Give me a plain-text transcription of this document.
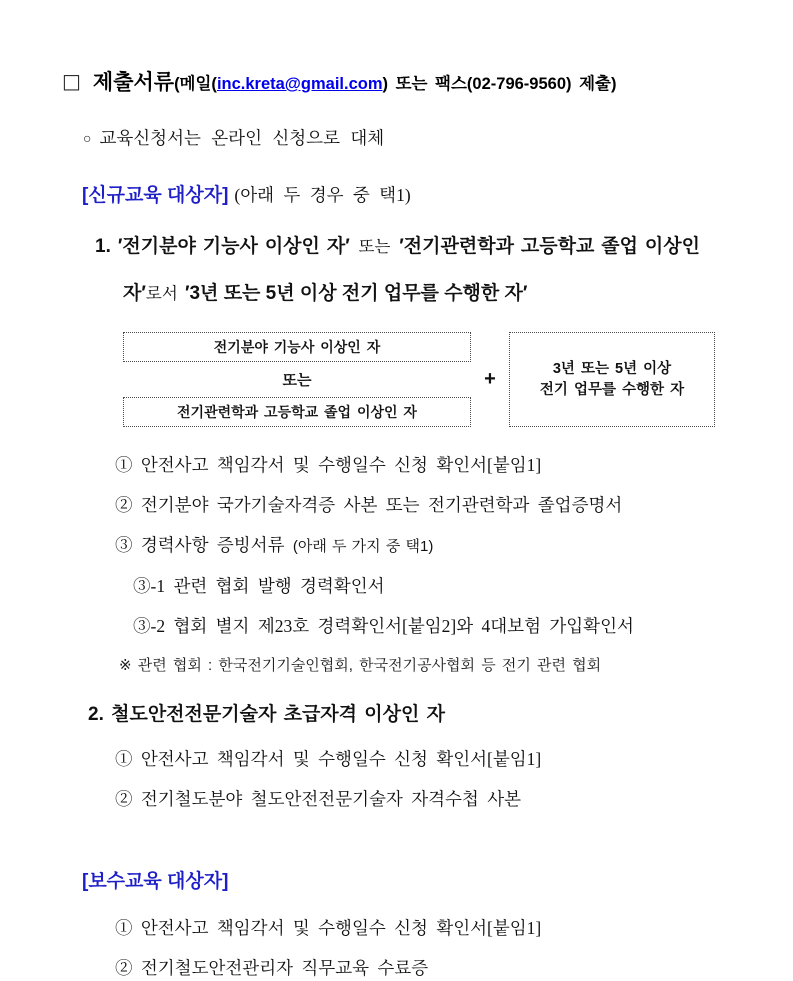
□ 제출서류(메일(inc.kreta@gmail.com) 또는 팩스(02-796-9560) 제출)
○ 교육신청서는 온라인 신청으로 대체
[신규교육 대상자] (아래 두 경우 중 택1)
1. ′전기분야 기능사 이상인 자′ 또는 ′전기관련학과 고등학교 졸업 이상인 자′로서 ′3년 또는 5년 이상 전기 업무를 수행한 자′
전기분야 기능사 이상인 자
또는
전기관련학과 고등학교 졸업 이상인 자
+	3년 또는 5년 이상
전기 업무를 수행한 자
① 안전사고 책임각서 및 수행일수 신청 확인서[붙임1]
② 전기분야 국가기술자격증 사본 또는 전기관련학과 졸업증명서
③ 경력사항 증빙서류 (아래 두 가지 중 택1)
③-1 관련 협회 발행 경력확인서
③-2 협회 별지 제23호 경력확인서[붙임2]와 4대보험 가입확인서
※ 관련 협회 : 한국전기기술인협회, 한국전기공사협회 등 전기 관련 협회
2. 철도안전전문기술자 초급자격 이상인 자
① 안전사고 책임각서 및 수행일수 신청 확인서[붙임1]
② 전기철도분야 철도안전전문기술자 자격수첩 사본
[보수교육 대상자]
① 안전사고 책임각서 및 수행일수 신청 확인서[붙임1]
② 전기철도안전관리자 직무교육 수료증
